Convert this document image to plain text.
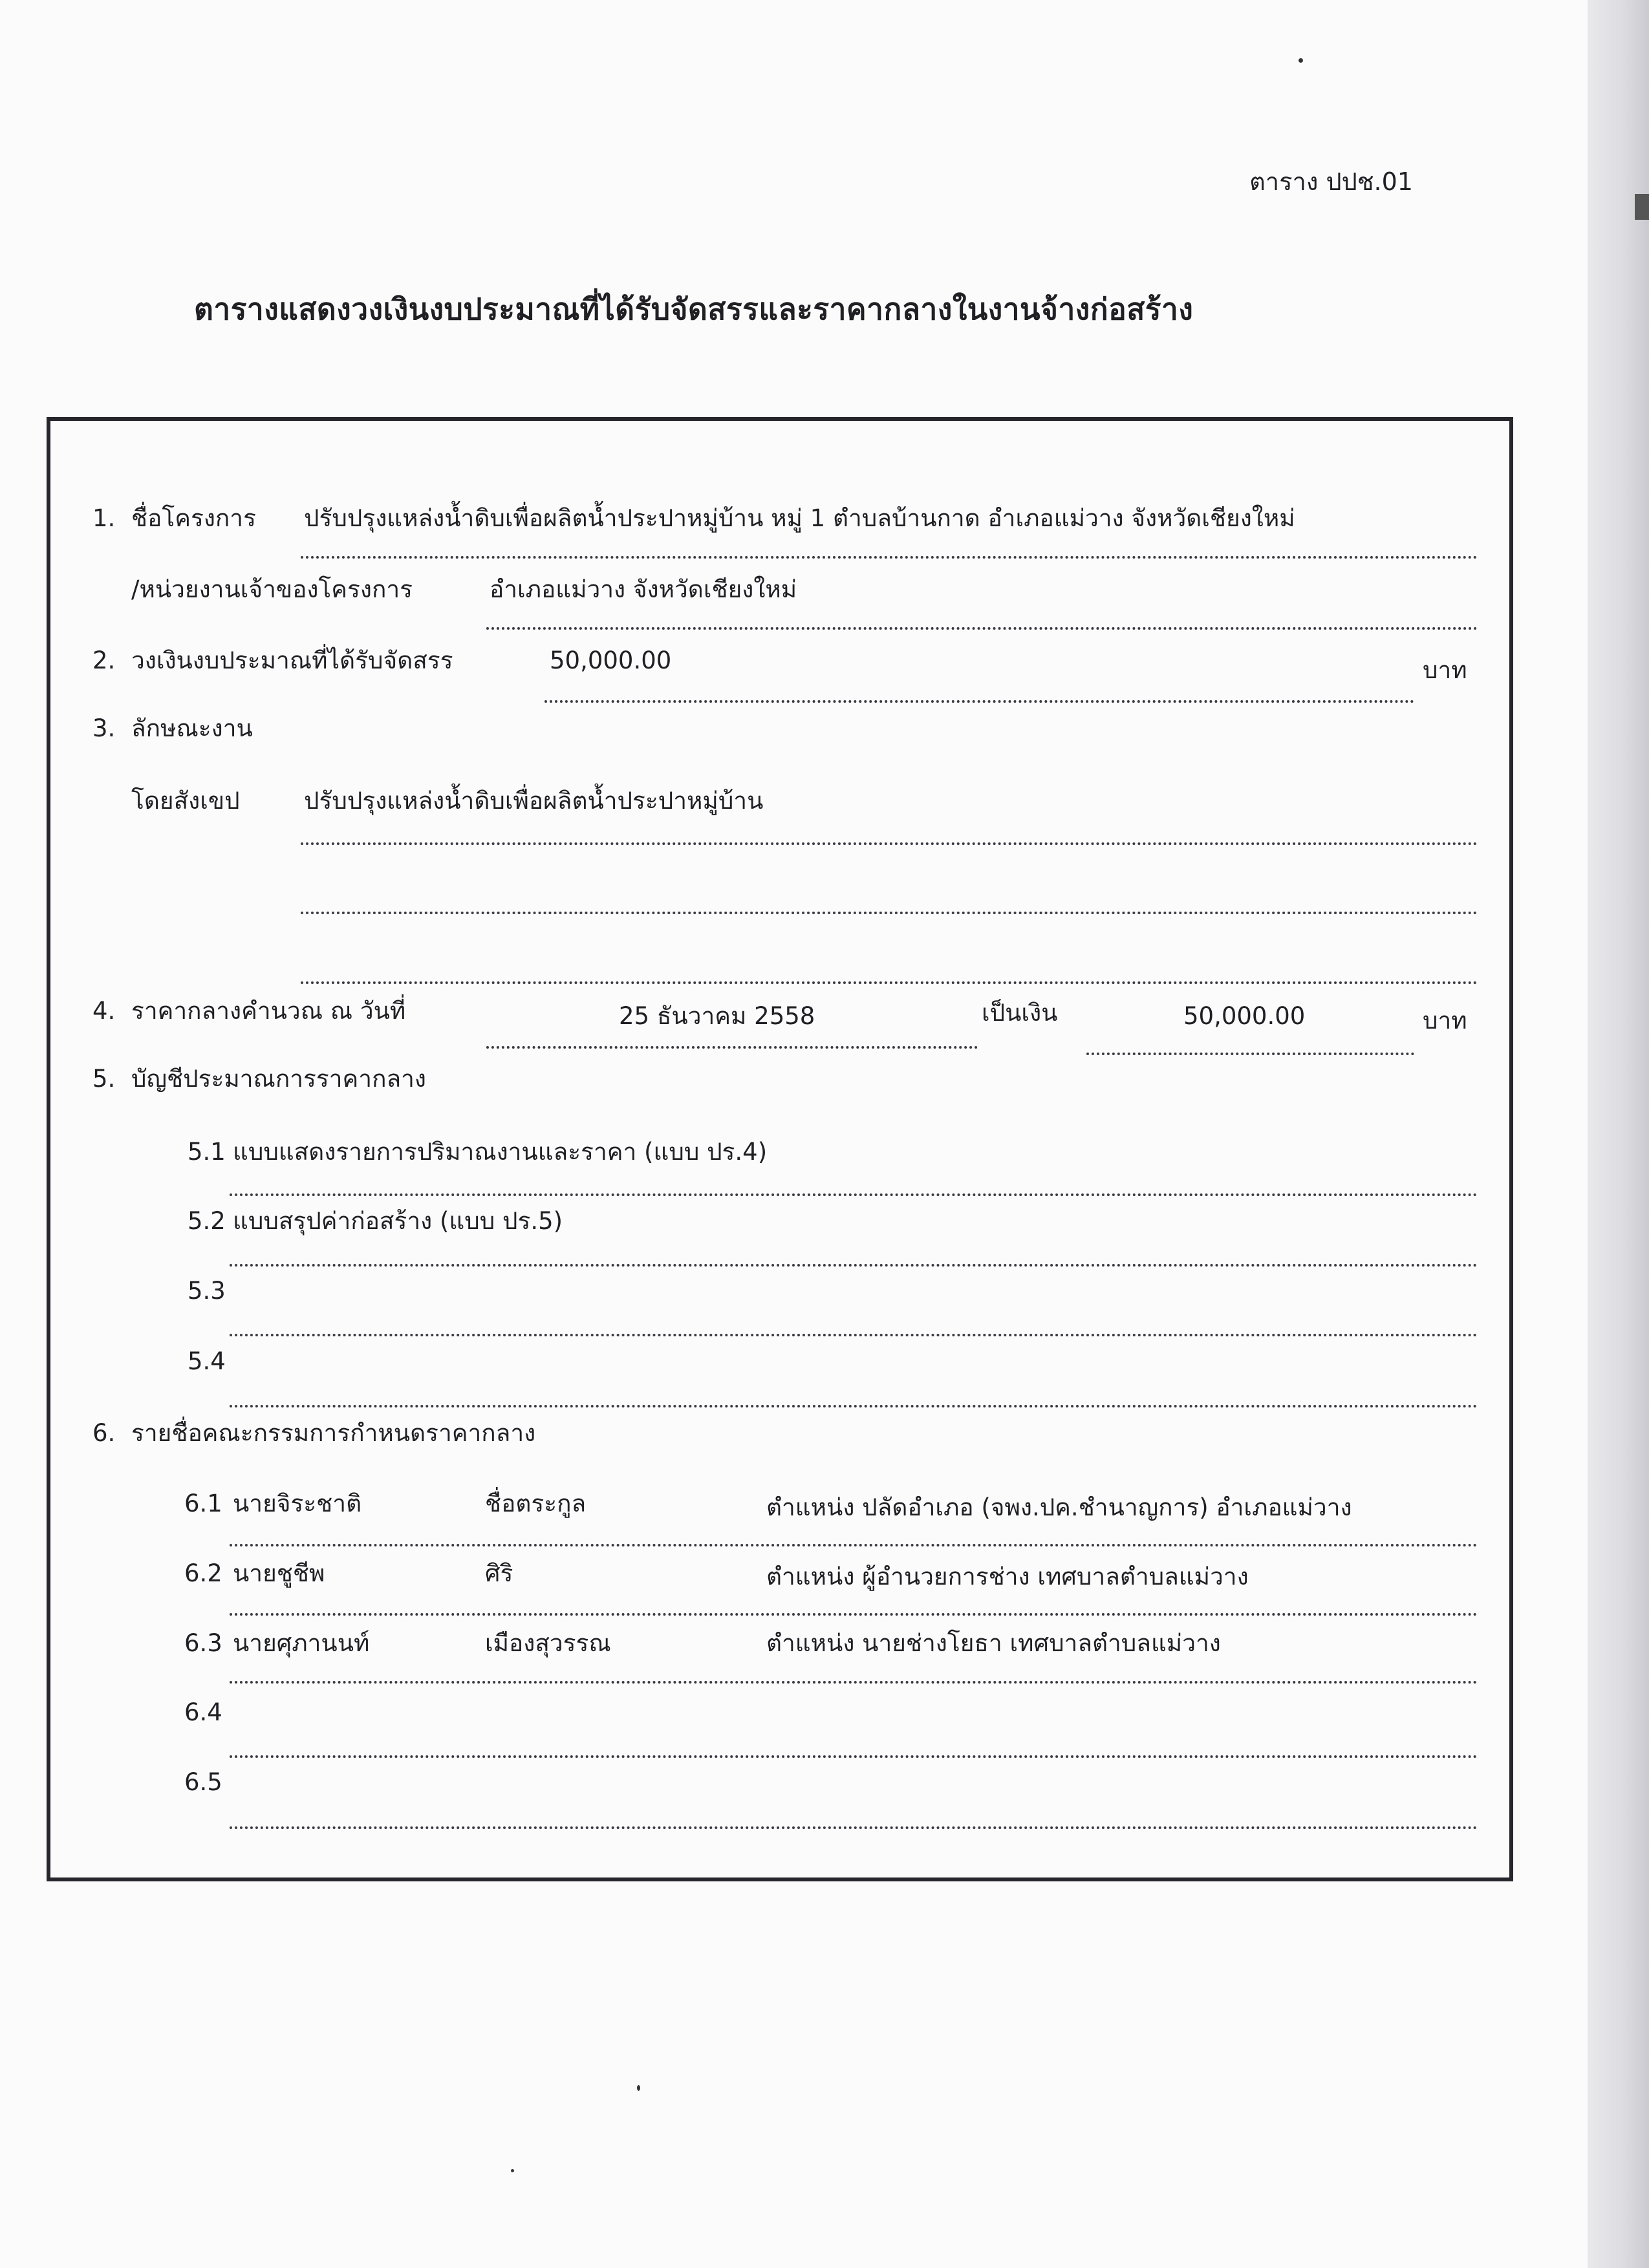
ตาราง ปปช.01
ตารางแสดงวงเงินงบประมาณที่ได้รับจัดสรรและราคากลางในงานจ้างก่อสร้าง
1. ชื่อโครงการ ปรับปรุงแหล่งน้ำดิบเพื่อผลิตน้ำประปาหมู่บ้าน หมู่ 1 ตำบลบ้านกาด อำเภอแม่วาง จังหวัดเชียงใหม่
/หน่วยงานเจ้าของโครงการ	อำเภอแม่วาง จังหวัดเชียงใหม่
2. วงเงินงบประมาณที่ได้รับจัดสรร	50,000.00	บาท
3. ลักษณะงาน
โดยสังเขป	ปรับปรุงแหล่งน้ำดิบเพื่อผลิตน้ำประปาหมู่บ้าน
4. ราคากลางคำนวณ ณ วันที่	25 ธันวาคม 2558	เป็นเงิน	50,000.00	บาท
5. บัญชีประมาณการราคากลาง
5.1 แบบแสดงรายการปริมาณงานและราคา (แบบ ปร.4)
5.2 แบบสรุปค่าก่อสร้าง (แบบ ปร.5)
5.3
5.4
6. รายชื่อคณะกรรมการกำหนดราคากลาง
6.1 นายจิระชาติ	ชื่อตระกูล	ตำแหน่ง ปลัดอำเภอ (จพง.ปค.ชำนาญการ) อำเภอแม่วาง
6.2 นายชูชีพ	ศิริ	ตำแหน่ง ผู้อำนวยการช่าง เทศบาลตำบลแม่วาง
6.3 นายศุภานนท์	เมืองสุวรรณ	ตำแหน่ง นายช่างโยธา เทศบาลตำบลแม่วาง
6.4
6.5
